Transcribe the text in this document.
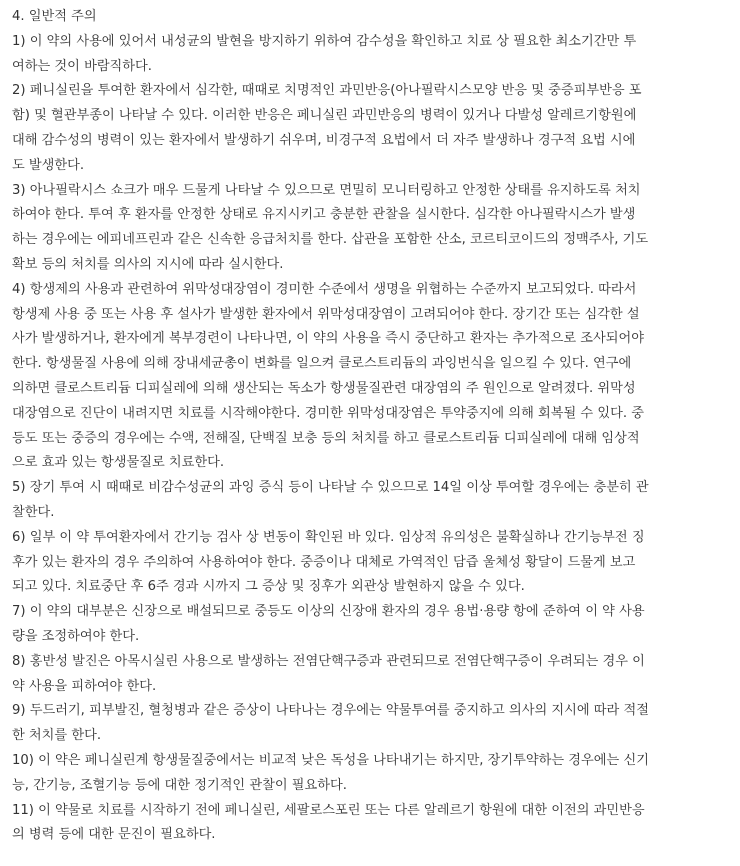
4. 일반적 주의
1) 이 약의 사용에 있어서 내성균의 발현을 방지하기 위하여 감수성을 확인하고 치료 상 필요한 최소기간만 투
여하는 것이 바람직하다.
2) 페니실린을 투여한 환자에서 심각한, 때때로 치명적인 과민반응(아나필락시스모양 반응 및 중증피부반응 포
함) 및 혈관부종이 나타날 수 있다. 이러한 반응은 페니실린 과민반응의 병력이 있거나 다발성 알레르기항원에
대해 감수성의 병력이 있는 환자에서 발생하기 쉬우며, 비경구적 요법에서 더 자주 발생하나 경구적 요법 시에
도 발생한다.
3) 아나필락시스 쇼크가 매우 드물게 나타날 수 있으므로 면밀히 모니터링하고 안정한 상태를 유지하도록 처치
하여야 한다. 투여 후 환자를 안정한 상태로 유지시키고 충분한 관찰을 실시한다. 심각한 아나필락시스가 발생
하는 경우에는 에피네프린과 같은 신속한 응급처치를 한다. 삽관을 포함한 산소, 코르티코이드의 정맥주사, 기도
확보 등의 처치를 의사의 지시에 따라 실시한다.
4) 항생제의 사용과 관련하여 위막성대장염이 경미한 수준에서 생명을 위협하는 수준까지 보고되었다. 따라서
항생제 사용 중 또는 사용 후 설사가 발생한 환자에서 위막성대장염이 고려되어야 한다. 장기간 또는 심각한 설
사가 발생하거나, 환자에게 복부경련이 나타나면, 이 약의 사용을 즉시 중단하고 환자는 추가적으로 조사되어야
한다. 항생물질 사용에 의해 장내세균총이 변화를 일으켜 클로스트리듐의 과잉번식을 일으킬 수 있다. 연구에
의하면 클로스트리듐 디피실레에 의해 생산되는 독소가 항생물질관련 대장염의 주 원인으로 알려졌다. 위막성
대장염으로 진단이 내려지면 치료를 시작해야한다. 경미한 위막성대장염은 투약중지에 의해 회복될 수 있다. 중
등도 또는 중증의 경우에는 수액, 전해질, 단백질 보충 등의 처치를 하고 클로스트리듐 디피실레에 대해 임상적
으로 효과 있는 항생물질로 치료한다.
5) 장기 투여 시 때때로 비감수성균의 과잉 증식 등이 나타날 수 있으므로 14일 이상 투여할 경우에는 충분히 관
찰한다.
6) 일부 이 약 투여환자에서 간기능 검사 상 변동이 확인된 바 있다. 임상적 유의성은 불확실하나 간기능부전 징
후가 있는 환자의 경우 주의하여 사용하여야 한다. 중증이나 대체로 가역적인 담즙 울체성 황달이 드물게 보고
되고 있다. 치료중단 후 6주 경과 시까지 그 증상 및 징후가 외관상 발현하지 않을 수 있다.
7) 이 약의 대부분은 신장으로 배설되므로 중등도 이상의 신장애 환자의 경우 용법·용량 항에 준하여 이 약 사용
량을 조정하여야 한다.
8) 홍반성 발진은 아목시실린 사용으로 발생하는 전염단핵구증과 관련되므로 전염단핵구증이 우려되는 경우 이
약 사용을 피하여야 한다.
9) 두드러기, 피부발진, 혈청병과 같은 증상이 나타나는 경우에는 약물투여를 중지하고 의사의 지시에 따라 적절
한 처치를 한다.
10) 이 약은 페니실린계 항생물질중에서는 비교적 낮은 독성을 나타내기는 하지만, 장기투약하는 경우에는 신기
능, 간기능, 조혈기능 등에 대한 정기적인 관찰이 필요하다.
11) 이 약물로 치료를 시작하기 전에 페니실린, 세팔로스포린 또는 다른 알레르기 항원에 대한 이전의 과민반응
의 병력 등에 대한 문진이 필요하다.
